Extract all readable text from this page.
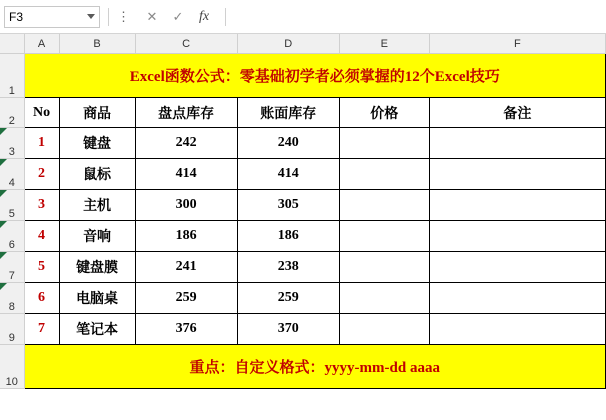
F3	⋮	✕	✓	fx
	A	B	C	D	E	F
1	Excel函数公式：零基础初学者必须掌握的12个Excel技巧					
2	No	商品	盘点库存	账面库存	价格	备注

3	1	键盘	242	240		

4	2	鼠标	414	414		

5	3	主机	300	305		

6	4	音响	186	186		

7	5	键盘膜	241	238		

8	6	电脑桌	259	259		
9	7	笔记本	376	370		
10	重点：自定义格式：yyyy-mm-dd aaaa					
